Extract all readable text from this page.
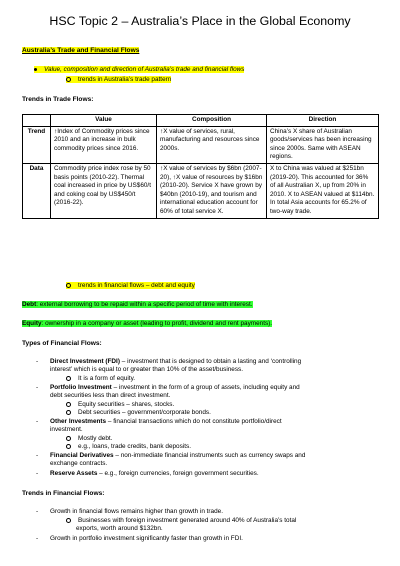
HSC Topic 2 – Australia’s Place in the Global Economy
Australia’s Trade and Financial Flows
Value, composition and direction of Australia’s trade and financial flows
trends in Australia’s trade pattern
Trends in Trade Flows:
	Value	Composition	Direction
Trend	↑Index of Commodity prices since 2010 and an increase in bulk commodity prices since 2016.	↑X value of services, rural, manufacturing and resources since 2000s.	China’s X share of Australian goods/services has been increasing since 2000s. Same with ASEAN regions.
Data	Commodity price index rose by 50 basis points (2010-22). Thermal coal increased in price by US$60/t and coking coal by US$450/t (2016-22).	↑X value of services by $6bn (2007-20), ↑X value of resources by $16bn (2010-20). Service X have grown by $40bn (2010-19), and tourism and international education account for 60% of total service X.	X to China was valued at $251bn (2019-20). This accounted for 36% of all Australian X, up from 20% in 2010. X to ASEAN valued at $114bn. In total Asia accounts for 65.2% of two-way trade.
trends in financial flows – debt and equity
Debt: external borrowing to be repaid within a specific period of time with interest.
Equity: ownership in a company or asset (leading to profit, dividend and rent payments).
Types of Financial Flows:
- Direct Investment (FDI) – investment that is designed to obtain a lasting and ‘controlling
interest’ which is equal to or greater than 10% of the asset/business.
It is a form of equity.
- Portfolio Investment – investment in the form of a group of assets, including equity and
debt securities less than direct investment.
Equity securities – shares, stocks.
Debt securities – government/corporate bonds.
- Other Investments – financial transactions which do not constitute portfolio/direct
investment.
Mostly debt.
e.g., loans, trade credits, bank deposits.
- Financial Derivatives – non-immediate financial instruments such as currency swaps and
exchange contracts.
- Reserve Assets – e.g., foreign currencies, foreign government securities.
Trends in Financial Flows:
- Growth in financial flows remains higher than growth in trade.
Businesses with foreign investment generated around 40% of Australia’s total
exports, worth around $132bn.
- Growth in portfolio investment significantly faster than growth in FDI.
